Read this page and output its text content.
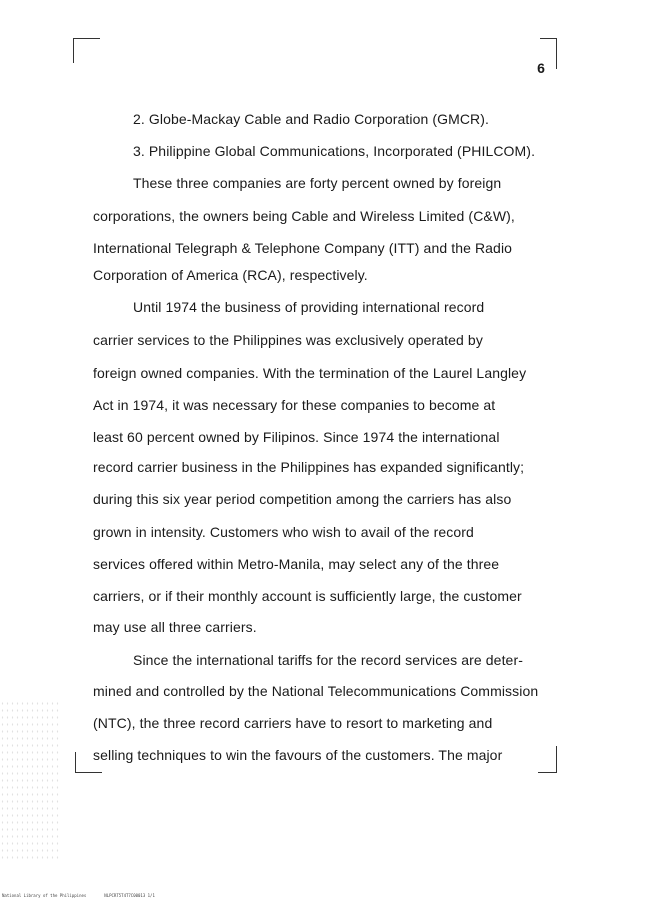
6
2. Globe-Mackay Cable and Radio Corporation (GMCR).
3. Philippine Global Communications, Incorporated (PHILCOM).
These three companies are forty percent owned by foreign
corporations, the owners being Cable and Wireless Limited (C&W),
International Telegraph & Telephone Company (ITT) and the Radio
Corporation of America (RCA), respectively.
Until 1974 the business of providing international record
carrier services to the Philippines was exclusively operated by
foreign owned companies. With the termination of the Laurel Langley
Act in 1974, it was necessary for these companies to become at
least 60 percent owned by Filipinos. Since 1974 the international
record carrier business in the Philippines has expanded significantly;
during this six year period competition among the carriers has also
grown in intensity. Customers who wish to avail of the record
services offered within Metro-Manila, may select any of the three
carriers, or if their monthly account is sufficiently large, the customer
may use all three carriers.
Since the international tariffs for the record services are deter-
mined and controlled by the National Telecommunications Commission
(NTC), the three record carriers have to resort to marketing and
selling techniques to win the favours of the customers. The major
National Library of the Philippines	NLPCRT5T4T7C00013 1/1
